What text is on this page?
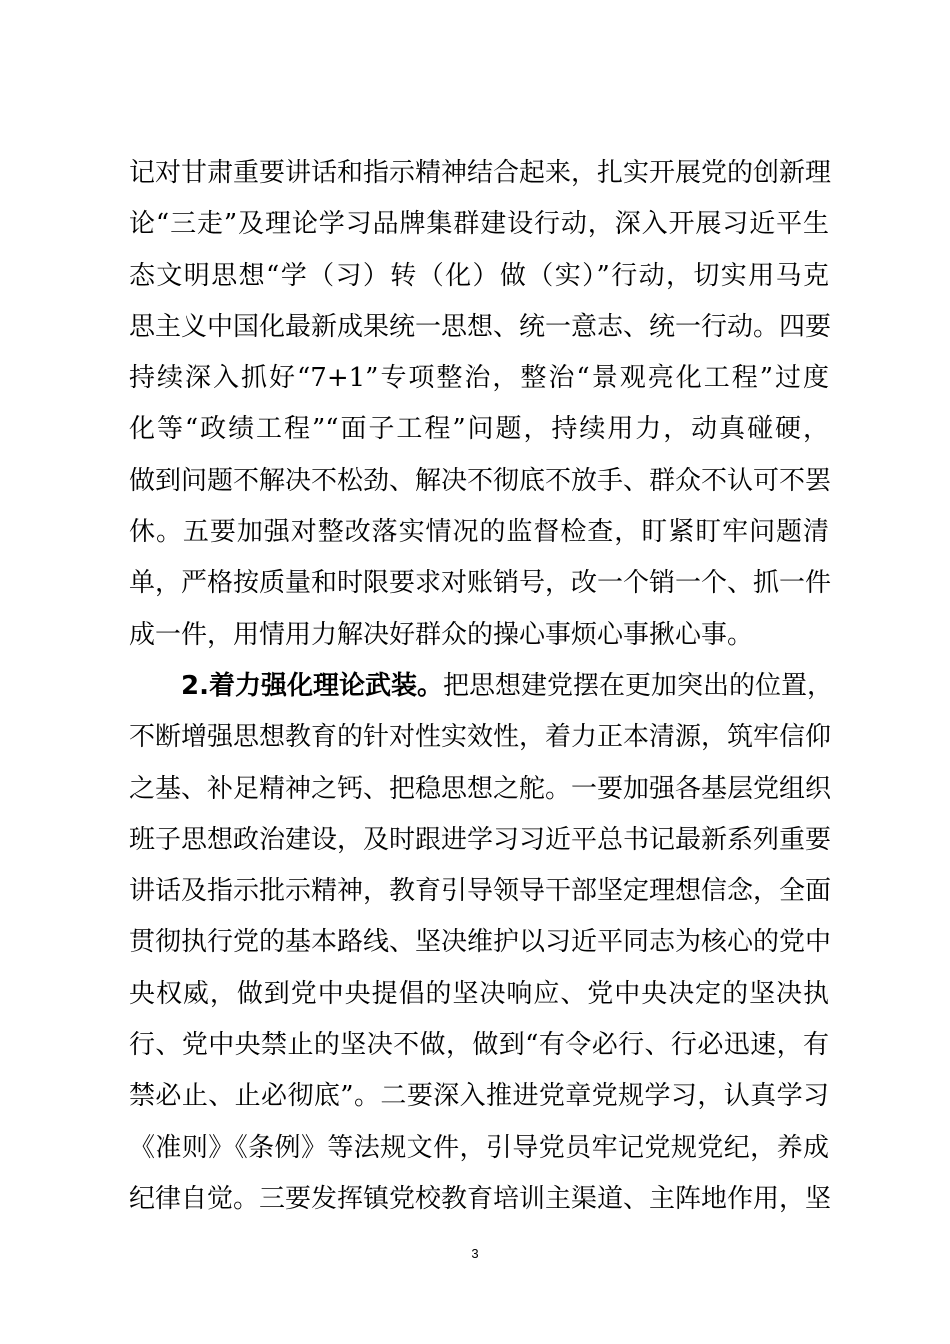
记对甘肃重要讲话和指示精神结合起来，扎实开展党的创新理
论“三走”及理论学习品牌集群建设行动，深入开展习近平生
态文明思想“学（习）转（化）做（实）”行动，切实用马克
思主义中国化最新成果统一思想、统一意志、统一行动。四要
持续深入抓好“7+1”专项整治，整治“景观亮化工程”过度
化等“政绩工程”“面子工程”问题，持续用力，动真碰硬，
做到问题不解决不松劲、解决不彻底不放手、群众不认可不罢
休。五要加强对整改落实情况的监督检查，盯紧盯牢问题清
单，严格按质量和时限要求对账销号，改一个销一个、抓一件
成一件，用情用力解决好群众的操心事烦心事揪心事。
2.着力强化理论武装。把思想建党摆在更加突出的位置，
不断增强思想教育的针对性实效性，着力正本清源，筑牢信仰
之基、补足精神之钙、把稳思想之舵。一要加强各基层党组织
班子思想政治建设，及时跟进学习习近平总书记最新系列重要
讲话及指示批示精神，教育引导领导干部坚定理想信念，全面
贯彻执行党的基本路线、坚决维护以习近平同志为核心的党中
央权威，做到党中央提倡的坚决响应、党中央决定的坚决执
行、党中央禁止的坚决不做，做到“有令必行、行必迅速，有
禁必止、止必彻底”。二要深入推进党章党规学习，认真学习
《准则》《条例》等法规文件，引导党员牢记党规党纪，养成
纪律自觉。三要发挥镇党校教育培训主渠道、主阵地作用，坚
3
